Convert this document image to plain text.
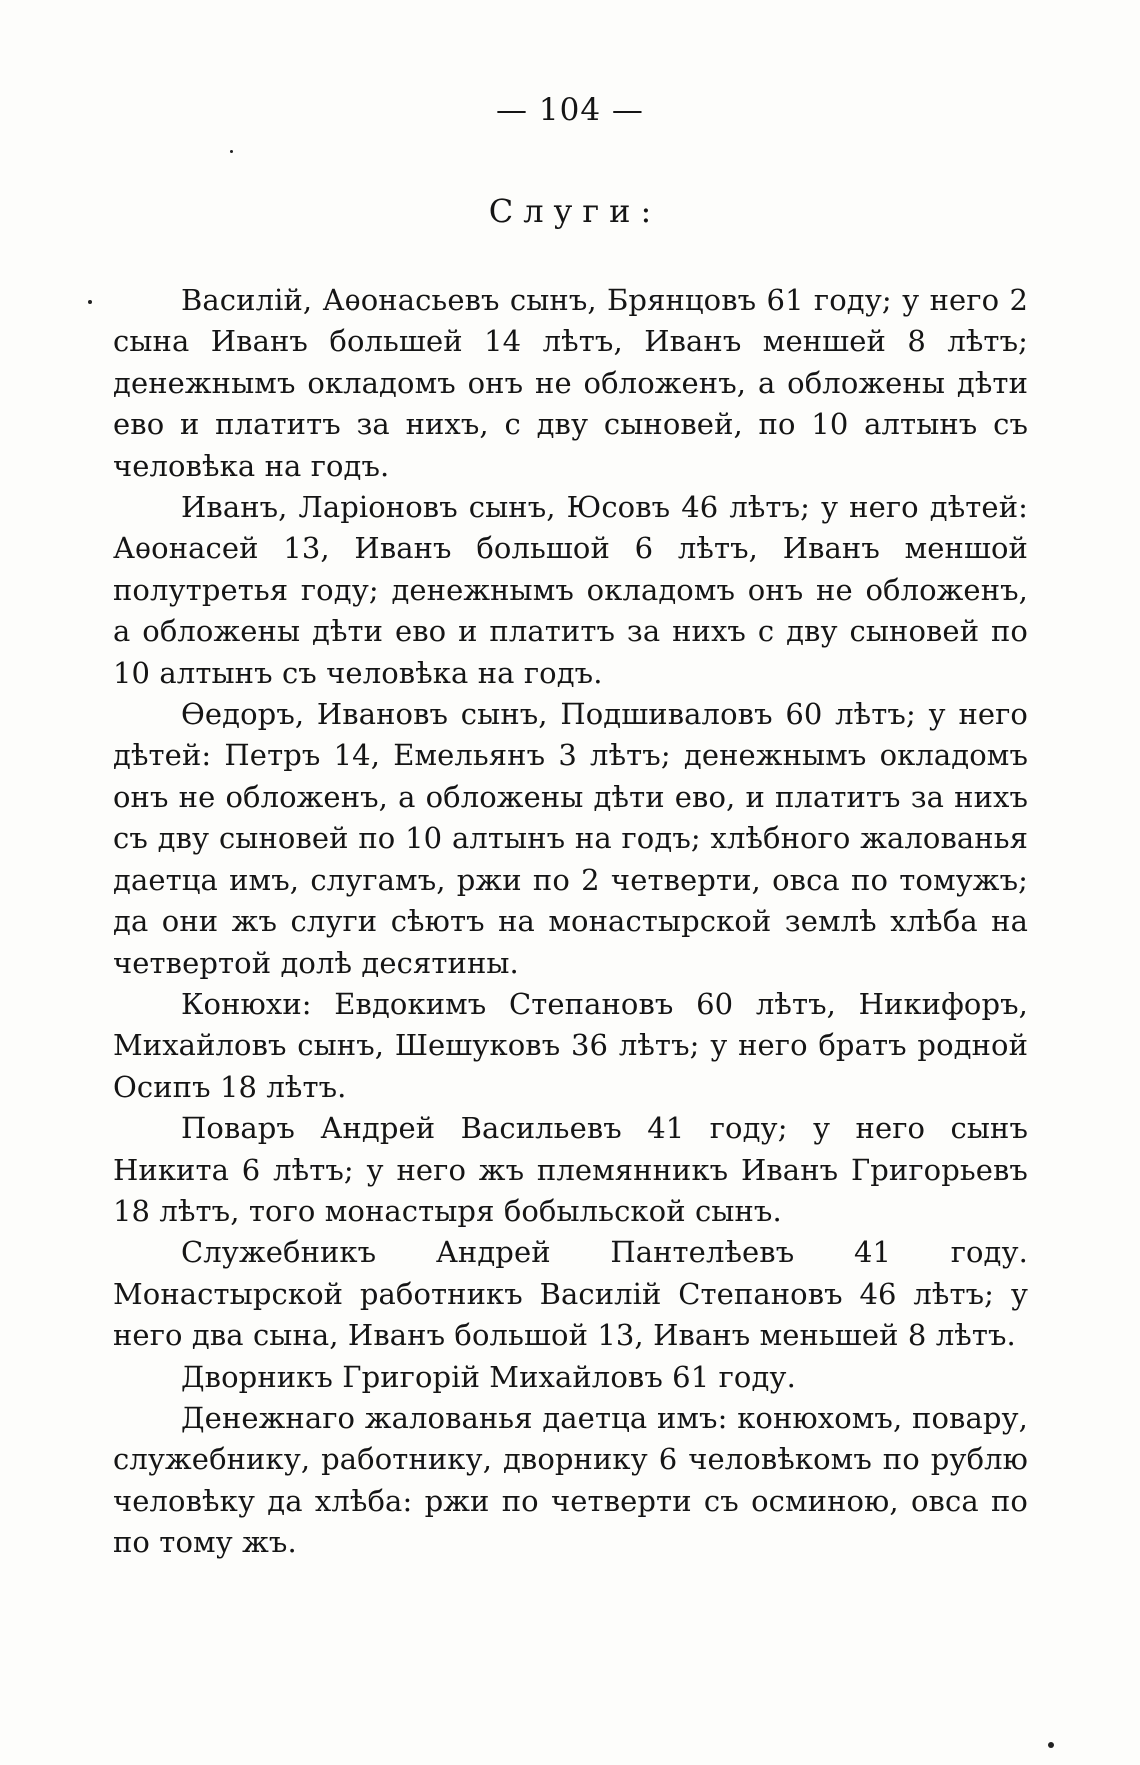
— 104 —
Слуги:

Василій, Аѳонасьевъ сынъ, Брянцовъ 61 году; у него 2 сына Иванъ большей 14 лѣтъ, Иванъ меншей 8 лѣтъ; денежнымъ окладомъ онъ не обложенъ, а обложены дѣти ево и платитъ за нихъ, с дву сыновей, по 10 алтынъ съ человѣка на годъ.

Иванъ, Ларіоновъ сынъ, Юсовъ 46 лѣтъ; у него дѣтей: Аѳонасей 13, Иванъ большой 6 лѣтъ, Иванъ меншой полутретья году; денежнымъ окладомъ онъ не обложенъ, а обложены дѣти ево и платитъ за нихъ с дву сыновей по 10 алтынъ съ человѣка на годъ.

Ѳедоръ, Ивановъ сынъ, Подшиваловъ 60 лѣтъ; у него дѣтей: Петръ 14, Емельянъ 3 лѣтъ; денежнымъ окладомъ онъ не обложенъ, а обложены дѣти ево, и платитъ за нихъ съ дву сыновей по 10 алтынъ на годъ; хлѣбного жалованья даетца имъ, слугамъ, ржи по 2 четверти, овса по томужъ; да они жъ слуги сѣютъ на монастырской землѣ хлѣба на четвертой долѣ десятины.

Конюхи: Евдокимъ Степановъ 60 лѣтъ, Никифоръ, Михайловъ сынъ, Шешуковъ 36 лѣтъ; у него братъ родной Осипъ 18 лѣтъ.

Поваръ Андрей Васильевъ 41 году; у него сынъ Никита 6 лѣтъ; у него жъ племянникъ Иванъ Григорьевъ 18 лѣтъ, того монастыря бобыльской сынъ.

Служебникъ Андрей Пантелѣевъ 41 году. Монастырской работникъ Василій Степановъ 46 лѣтъ; у него два сына, Иванъ большой 13, Иванъ меньшей 8 лѣтъ.

Дворникъ Григорій Михайловъ 61 году.

Денежнаго жалованья даетца имъ: конюхомъ, повару, служебнику, работнику, дворнику 6 человѣкомъ по рублю человѣку да хлѣба: ржи по четверти съ осминою, овса по по тому жъ.
